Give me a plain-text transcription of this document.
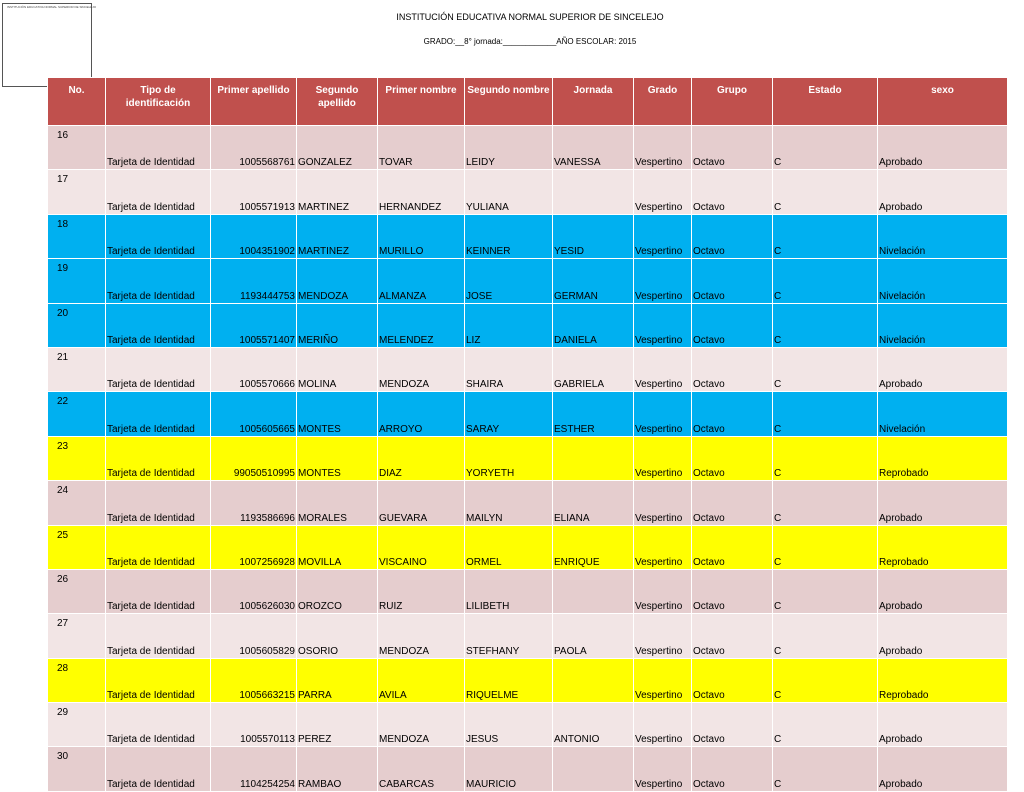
INSTITUCIÓN EDUCATIVA NORMAL SUPERIOR DE SINCELEJO
INSTITUCIÓN EDUCATIVA NORMAL SUPERIOR DE SINCELEJO
GRADO:__8° jornada:____________AÑO ESCOLAR: 2015
No.	Tipo de identificación	Primer apellido	Segundo apellido	Primer nombre	Segundo nombre	Jornada	Grado	Grupo	Estado	sexo	
16	Tarjeta de Identidad	1005568761	GONZALEZ	TOVAR	LEIDY	VANESSA	Vespertino	Octavo	C	Aprobado	
17	Tarjeta de Identidad	1005571913	MARTINEZ	HERNANDEZ	YULIANA		Vespertino	Octavo	C	Aprobado	
18	Tarjeta de Identidad	1004351902	MARTINEZ	MURILLO	KEINNER	YESID	Vespertino	Octavo	C	Nivelación	
19	Tarjeta de Identidad	1193444753	MENDOZA	ALMANZA	JOSE	GERMAN	Vespertino	Octavo	C	Nivelación	
20	Tarjeta de Identidad	1005571407	MERIÑO	MELENDEZ	LIZ	DANIELA	Vespertino	Octavo	C	Nivelación	
21	Tarjeta de Identidad	1005570666	MOLINA	MENDOZA	SHAIRA	GABRIELA	Vespertino	Octavo	C	Aprobado	
22	Tarjeta de Identidad	1005605665	MONTES	ARROYO	SARAY	ESTHER	Vespertino	Octavo	C	Nivelación	
23	Tarjeta de Identidad	99050510995	MONTES	DIAZ	YORYETH		Vespertino	Octavo	C	Reprobado	
24	Tarjeta de Identidad	1193586696	MORALES	GUEVARA	MAILYN	ELIANA	Vespertino	Octavo	C	Aprobado	
25	Tarjeta de Identidad	1007256928	MOVILLA	VISCAINO	ORMEL	ENRIQUE	Vespertino	Octavo	C	Reprobado	
26	Tarjeta de Identidad	1005626030	OROZCO	RUIZ	LILIBETH		Vespertino	Octavo	C	Aprobado	
27	Tarjeta de Identidad	1005605829	OSORIO	MENDOZA	STEFHANY	PAOLA	Vespertino	Octavo	C	Aprobado	
28	Tarjeta de Identidad	1005663215	PARRA	AVILA	RIQUELME		Vespertino	Octavo	C	Reprobado	
29	Tarjeta de Identidad	1005570113	PEREZ	MENDOZA	JESUS	ANTONIO	Vespertino	Octavo	C	Aprobado	
30	Tarjeta de Identidad	1104254254	RAMBAO	CABARCAS	MAURICIO		Vespertino	Octavo	C	Aprobado	
